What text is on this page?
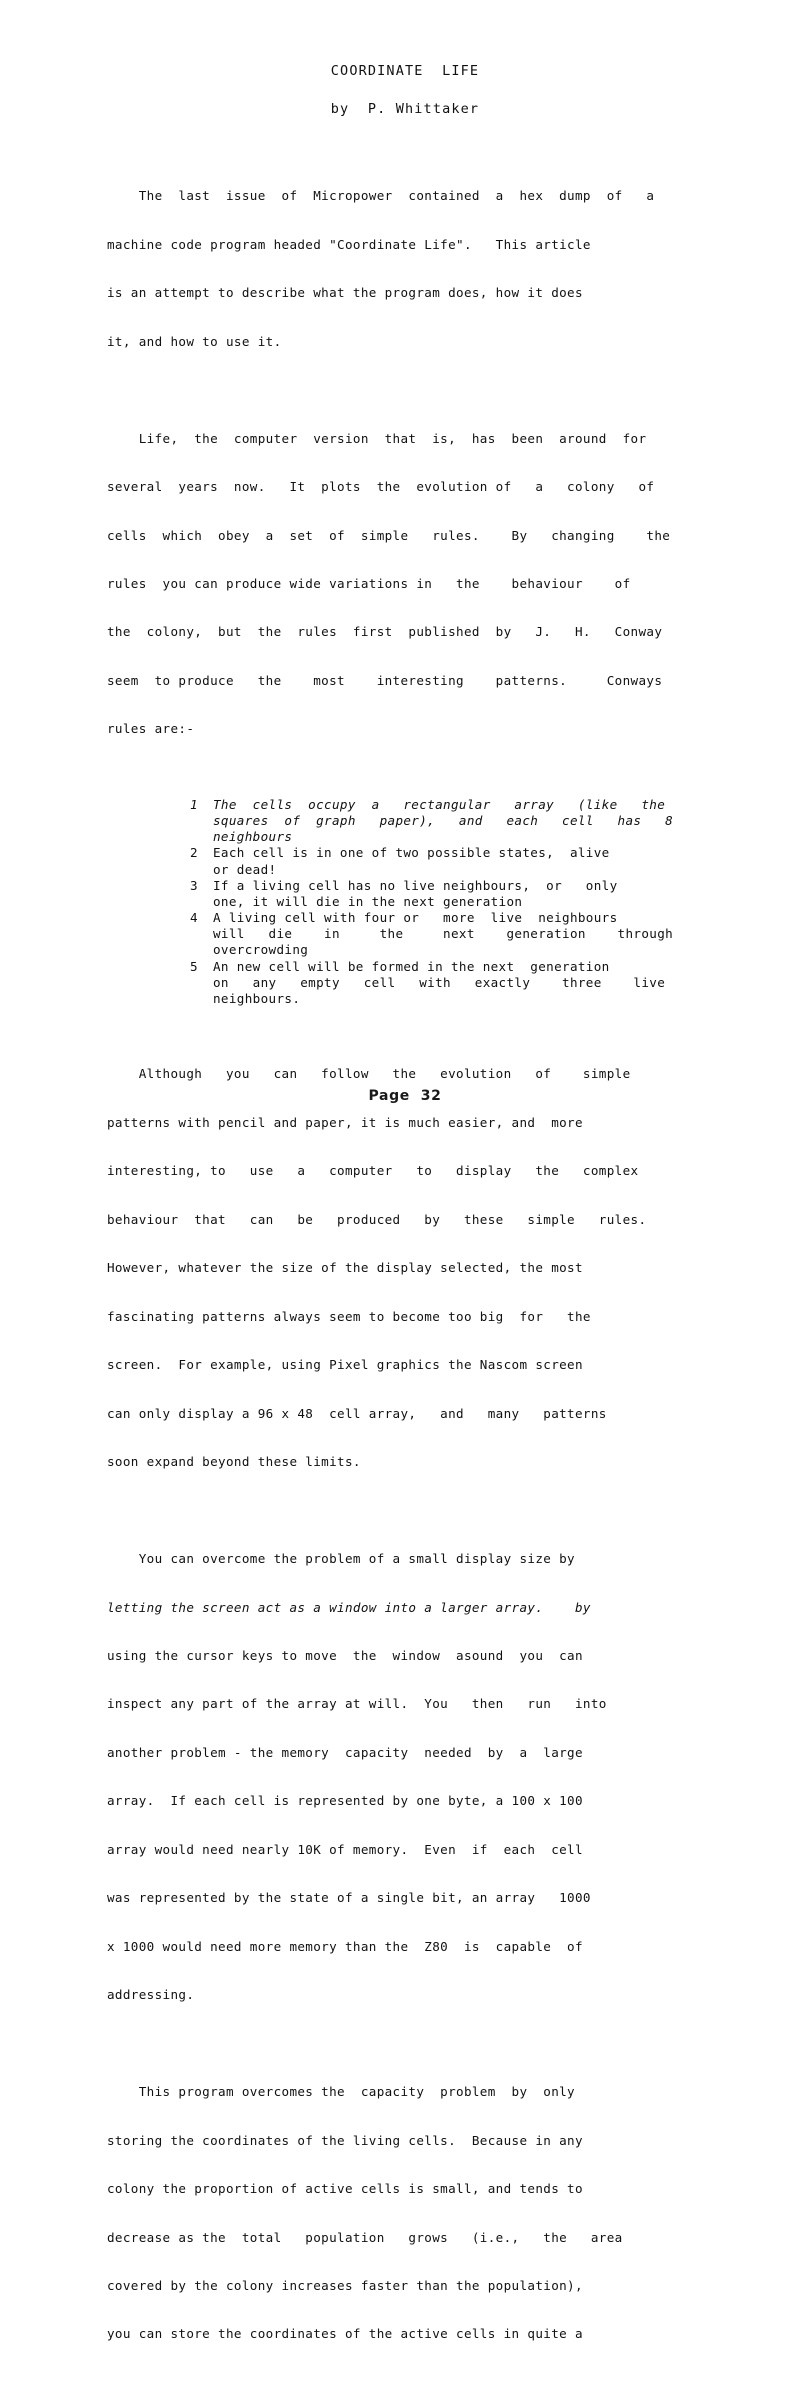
COORDINATE  LIFE
by  P. Whittaker

The  last  issue  of  Micropower  contained  a  hex  dump  of   a

machine code program headed "Coordinate Life".   This article

is an attempt to describe what the program does, how it does

it, and how to use it.

Life,  the  computer  version  that  is,  has  been  around  for

several  years  now.   It  plots  the  evolution of   a   colony   of

cells  which  obey  a  set  of  simple   rules.    By   changing    the

rules  you can produce wide variations in   the    behaviour    of

the  colony,  but  the  rules  first  published  by   J.   H.   Conway

seem  to produce   the    most    interesting    patterns.     Conways

rules are:-

1	The  cells  occupy  a   rectangular   array   (like   the
squares  of  graph   paper),   and   each   cell   has   8
neighbours
2	Each cell is in one of two possible states,  alive
or dead!
3	If a living cell has no live neighbours,  or   only
one, it will die in the next generation
4	A living cell with four or   more  live  neighbours
will   die    in     the     next    generation    through
overcrowding
5	An new cell will be formed in the next  generation
on   any   empty   cell   with   exactly    three    live
neighbours.

Although   you   can   follow   the   evolution   of    simple

patterns with pencil and paper, it is much easier, and  more

interesting, to   use   a   computer   to   display   the   complex

behaviour  that   can   be   produced   by   these   simple   rules.

However, whatever the size of the display selected, the most

fascinating patterns always seem to become too big  for   the

screen.  For example, using Pixel graphics the Nascom screen

can only display a 96 x 48  cell array,   and   many   patterns

soon expand beyond these limits.

You can overcome the problem of a small display size by

letting the screen act as a window into a larger array.    by

using the cursor keys to move  the  window  asound  you  can

inspect any part of the array at will.  You   then   run   into

another problem - the memory  capacity  needed  by  a  large

array.  If each cell is represented by one byte, a 100 x 100

array would need nearly 10K of memory.  Even  if  each  cell

was represented by the state of a single bit, an array   1000

x 1000 would need more memory than the  Z80  is  capable  of

addressing.

This program overcomes the  capacity  problem  by  only

storing the coordinates of the living cells.  Because in any

colony the proportion of active cells is small, and tends to

decrease as the  total   population   grows   (i.e.,   the   area

covered by the colony increases faster than the population),

you can store the coordinates of the active cells in quite a

Page  32
